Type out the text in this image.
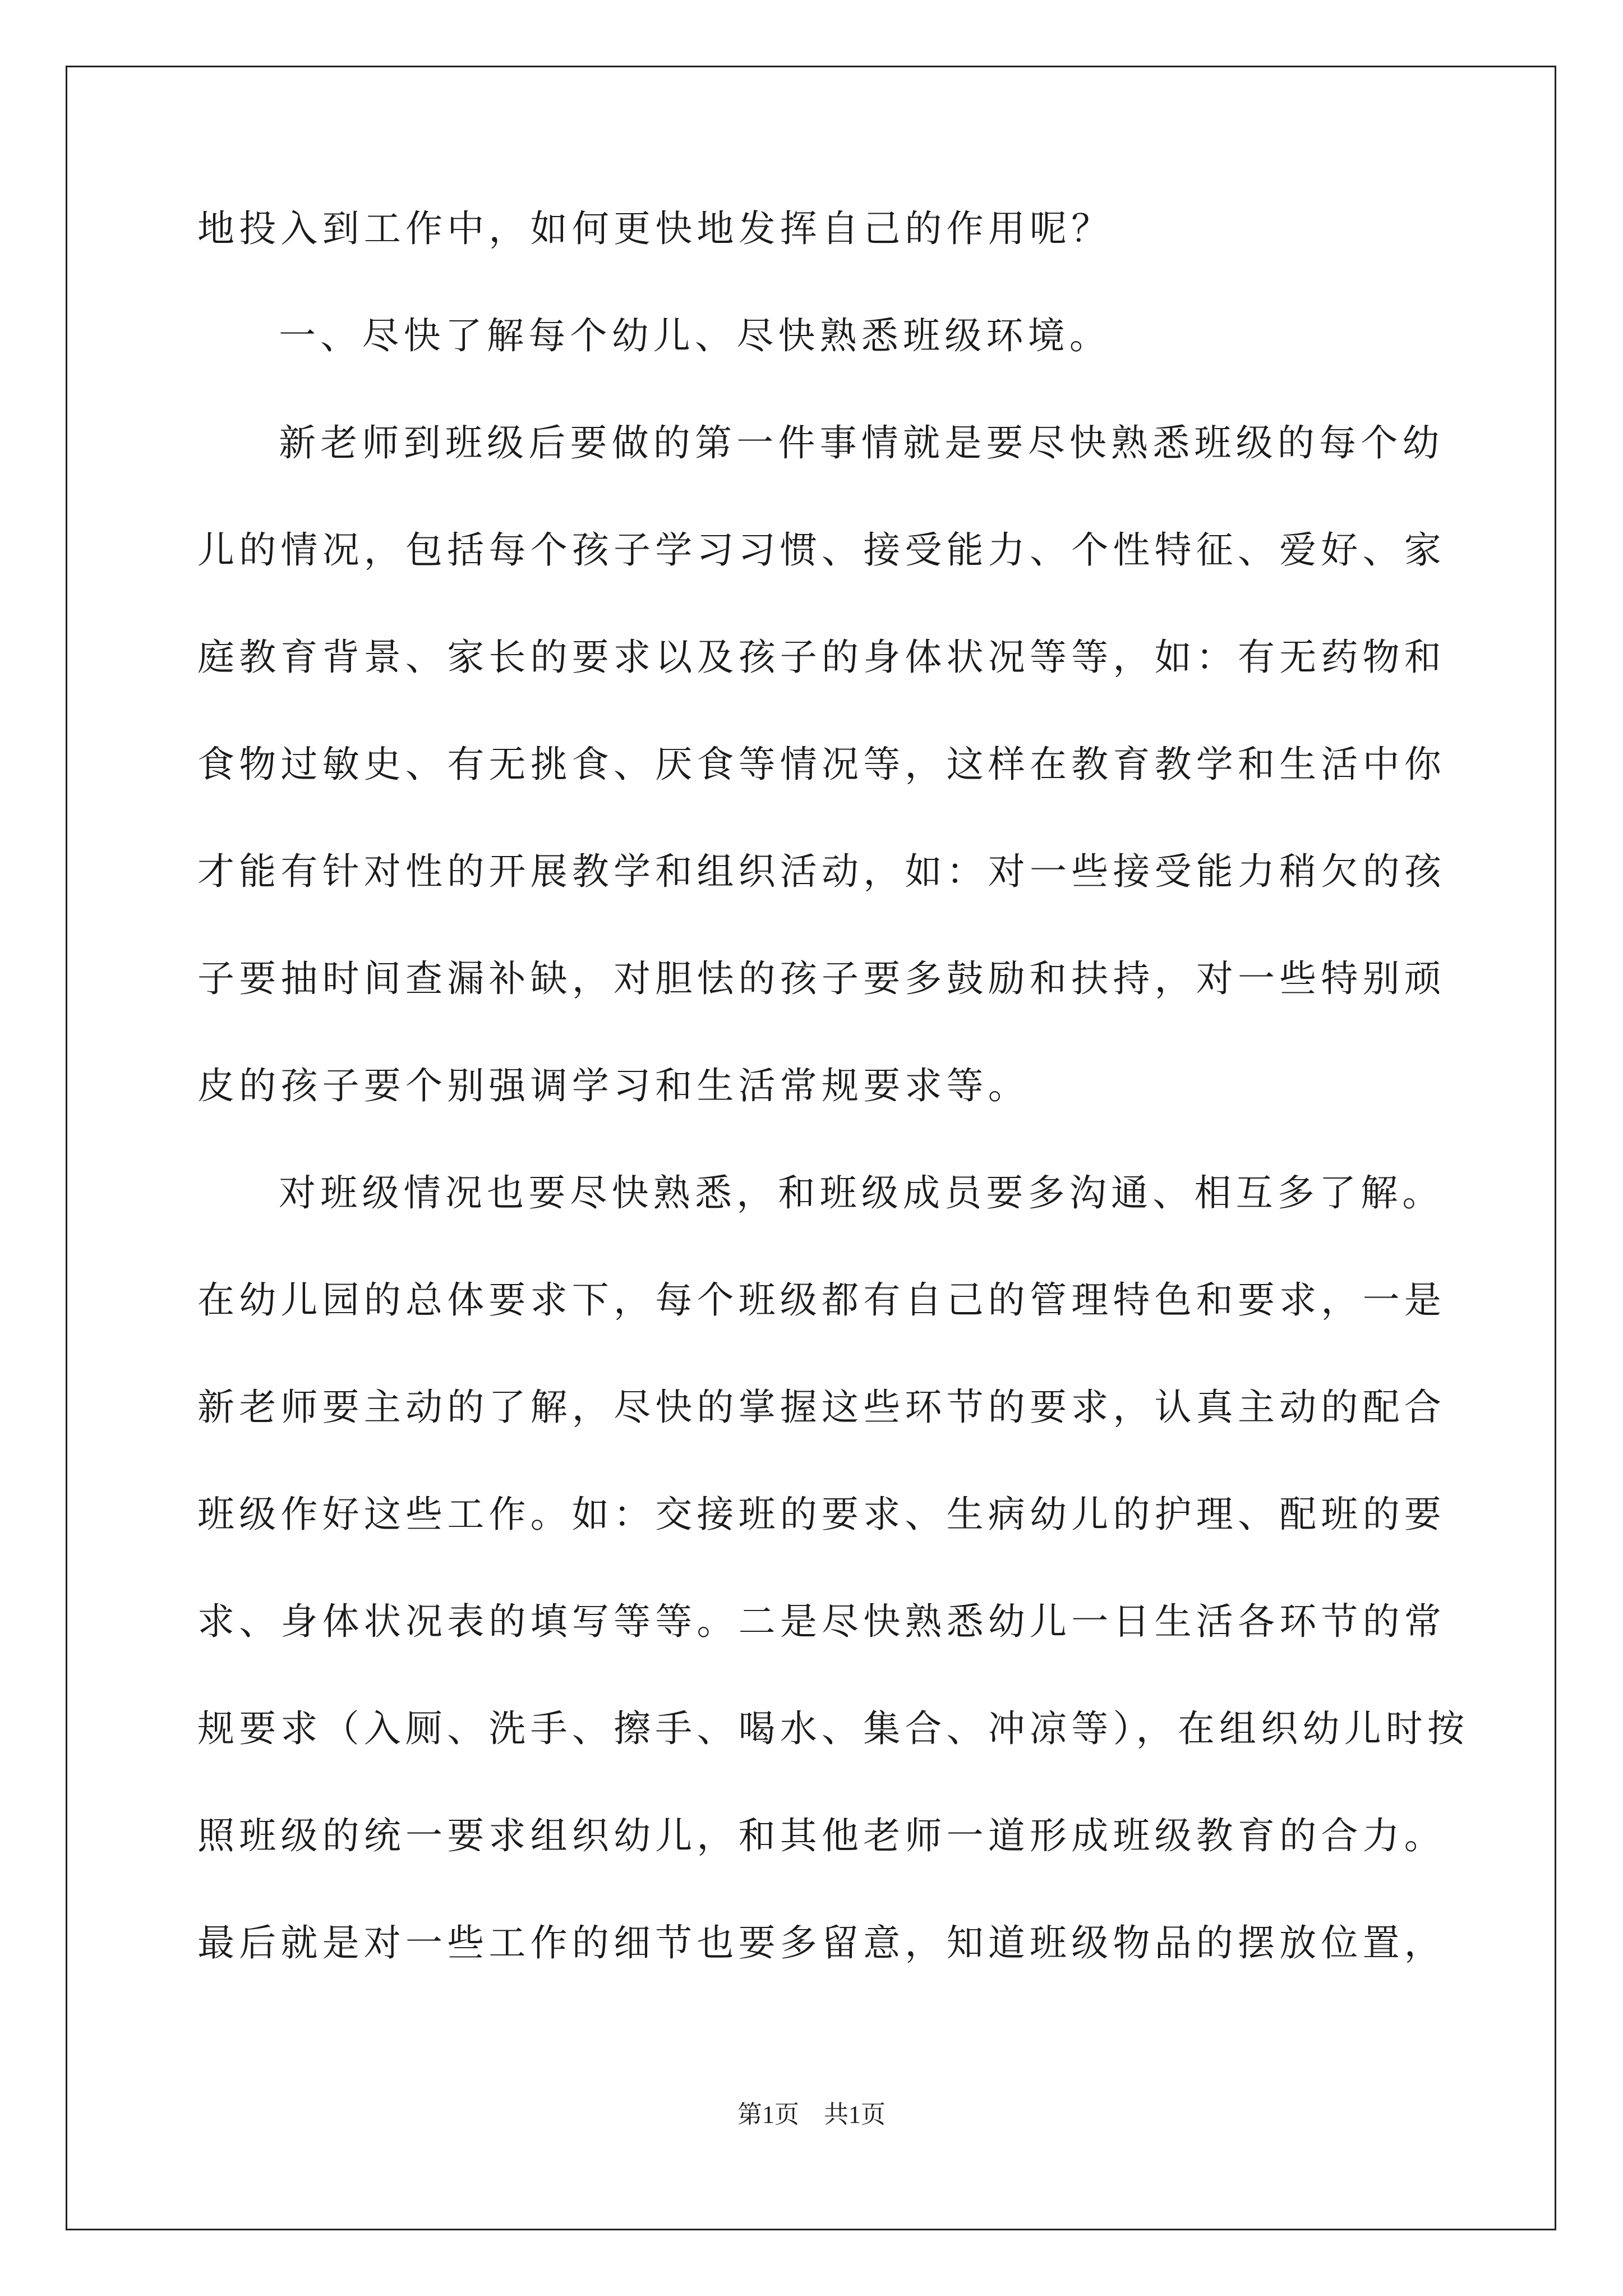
地投入到工作中，如何更快地发挥自己的作用呢？
一、尽快了解每个幼儿、尽快熟悉班级环境。
新老师到班级后要做的第一件事情就是要尽快熟悉班级的每个幼
儿的情况，包括每个孩子学习习惯、接受能力、个性特征、爱好、家
庭教育背景、家长的要求以及孩子的身体状况等等，如：有无药物和
食物过敏史、有无挑食、厌食等情况等，这样在教育教学和生活中你
才能有针对性的开展教学和组织活动，如：对一些接受能力稍欠的孩
子要抽时间查漏补缺，对胆怯的孩子要多鼓励和扶持，对一些特别顽
皮的孩子要个别强调学习和生活常规要求等。
对班级情况也要尽快熟悉，和班级成员要多沟通、相互多了解。
在幼儿园的总体要求下，每个班级都有自己的管理特色和要求，一是
新老师要主动的了解，尽快的掌握这些环节的要求，认真主动的配合
班级作好这些工作。如：交接班的要求、生病幼儿的护理、配班的要
求、身体状况表的填写等等。二是尽快熟悉幼儿一日生活各环节的常
规要求（入厕、洗手、擦手、喝水、集合、冲凉等），在组织幼儿时按
照班级的统一要求组织幼儿，和其他老师一道形成班级教育的合力。
最后就是对一些工作的细节也要多留意，知道班级物品的摆放位置，
第1页　共1页
